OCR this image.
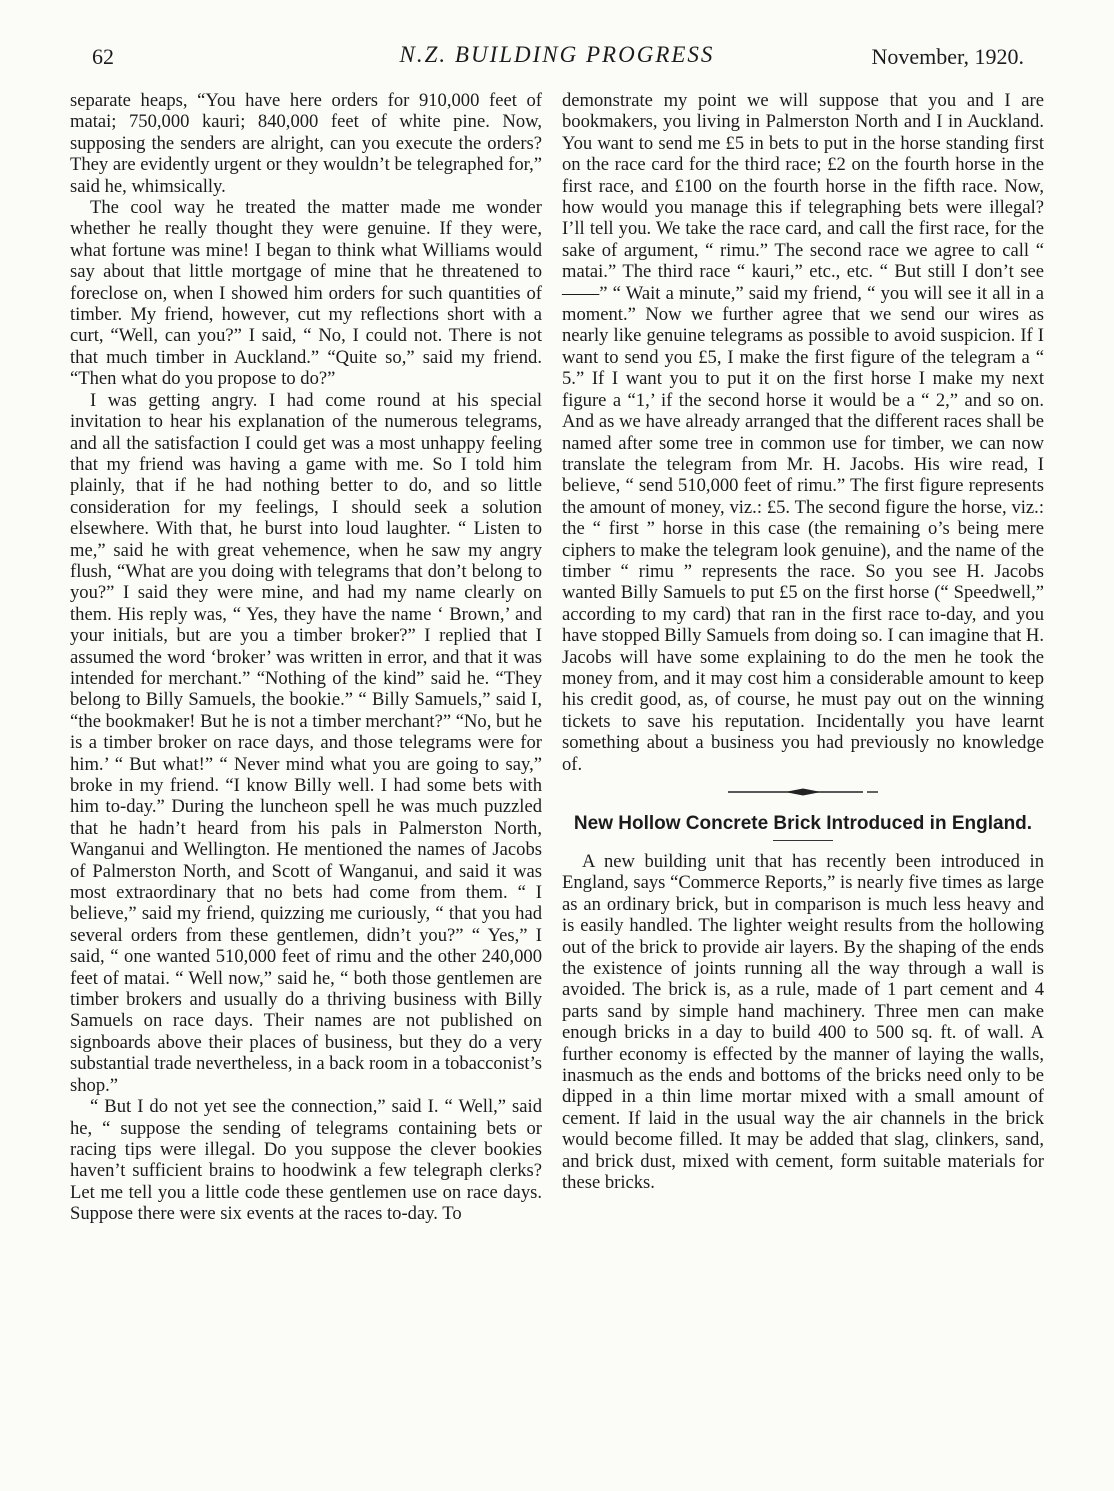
62	N.Z. BUILDING PROGRESS	November, 1920.

separate heaps, “You have here orders for 910,000 feet of matai; 750,000 kauri; 840,000 feet of white pine. Now, supposing the senders are alright, can you execute the orders? They are evidently urgent or they wouldn’t be telegraphed for,” said he, whimsically.

The cool way he treated the matter made me wonder whether he really thought they were genuine. If they were, what fortune was mine! I began to think what Williams would say about that little mortgage of mine that he threatened to foreclose on, when I showed him orders for such quantities of timber. My friend, however, cut my reflections short with a curt, “Well, can you?” I said, “ No, I could not. There is not that much timber in Auckland.” “Quite so,” said my friend. “Then what do you propose to do?”

I was getting angry. I had come round at his special invitation to hear his explanation of the numerous telegrams, and all the satisfaction I could get was a most unhappy feeling that my friend was having a game with me. So I told him plainly, that if he had nothing better to do, and so little consideration for my feelings, I should seek a solution elsewhere. With that, he burst into loud laughter. “ Listen to me,” said he with great vehemence, when he saw my angry flush, “What are you doing with telegrams that don’t belong to you?” I said they were mine, and had my name clearly on them. His reply was, “ Yes, they have the name ‘ Brown,’ and your initials, but are you a timber broker?” I replied that I assumed the word ‘broker’ was written in error, and that it was intended for merchant.” “Nothing of the kind” said he. “They belong to Billy Samuels, the bookie.” “ Billy Samuels,” said I, “the bookmaker! But he is not a timber merchant?” “No, but he is a timber broker on race days, and those telegrams were for him.’ “ But what!” “ Never mind what you are going to say,” broke in my friend. “I know Billy well. I had some bets with him to-day.” During the luncheon spell he was much puzzled that he hadn’t heard from his pals in Palmerston North, Wanganui and Wellington. He mentioned the names of Jacobs of Palmerston North, and Scott of Wanganui, and said it was most extraordinary that no bets had come from them. “ I believe,” said my friend, quizzing me curiously, “ that you had several orders from these gentlemen, didn’t you?” “ Yes,” I said, “ one wanted 510,000 feet of rimu and the other 240,000 feet of matai. “ Well now,” said he, “ both those gentlemen are timber brokers and usually do a thriving business with Billy Samuels on race days. Their names are not published on signboards above their places of business, but they do a very substantial trade nevertheless, in a back room in a tobacconist’s shop.”

“ But I do not yet see the connection,” said I. “ Well,” said he, “ suppose the sending of telegrams containing bets or racing tips were illegal. Do you suppose the clever bookies haven’t sufficient brains to hoodwink a few telegraph clerks? Let me tell you a little code these gentlemen use on race days. Suppose there were six events at the races to-day. To

demonstrate my point we will suppose that you and I are bookmakers, you living in Palmerston North and I in Auckland. You want to send me £5 in bets to put in the horse standing first on the race card for the third race; £2 on the fourth horse in the first race, and £100 on the fourth horse in the fifth race. Now, how would you manage this if telegraphing bets were illegal? I’ll tell you. We take the race card, and call the first race, for the sake of argument, “ rimu.” The second race we agree to call “ matai.” The third race “ kauri,” etc., etc. “ But still I don’t see——” “ Wait a minute,” said my friend, “ you will see it all in a moment.” Now we further agree that we send our wires as nearly like genuine telegrams as possible to avoid suspicion. If I want to send you £5, I make the first figure of the telegram a “ 5.” If I want you to put it on the first horse I make my next figure a “1,’ if the second horse it would be a “ 2,” and so on. And as we have already arranged that the different races shall be named after some tree in common use for timber, we can now translate the telegram from Mr. H. Jacobs. His wire read, I believe, “ send 510,000 feet of rimu.” The first figure represents the amount of money, viz.: £5. The second figure the horse, viz.: the “ first ” horse in this case (the remaining o’s being mere ciphers to make the telegram look genuine), and the name of the timber “ rimu ” represents the race. So you see H. Jacobs wanted Billy Samuels to put £5 on the first horse (“ Speedwell,” according to my card) that ran in the first race to-day, and you have stopped Billy Samuels from doing so. I can imagine that H. Jacobs will have some explaining to do the men he took the money from, and it may cost him a considerable amount to keep his credit good, as, of course, he must pay out on the winning tickets to save his reputation. Incidentally you have learnt something about a business you had previously no knowledge of.

New Hollow Concrete Brick Introduced in England.

A new building unit that has recently been introduced in England, says “Commerce Reports,” is nearly five times as large as an ordinary brick, but in comparison is much less heavy and is easily handled. The lighter weight results from the hollowing out of the brick to provide air layers. By the shaping of the ends the existence of joints running all the way through a wall is avoided. The brick is, as a rule, made of 1 part cement and 4 parts sand by simple hand machinery. Three men can make enough bricks in a day to build 400 to 500 sq. ft. of wall. A further economy is effected by the manner of laying the walls, inasmuch as the ends and bottoms of the bricks need only to be dipped in a thin lime mortar mixed with a small amount of cement. If laid in the usual way the air channels in the brick would become filled. It may be added that slag, clinkers, sand, and brick dust, mixed with cement, form suitable materials for these bricks.
